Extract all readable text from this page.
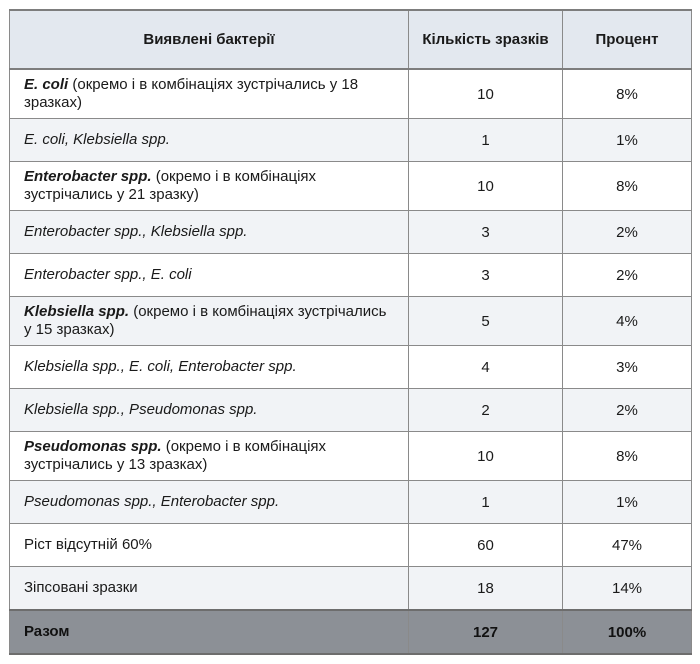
Виявлені бактерії	Кількість зразків	Процент
E. coli (окремо і в комбінаціях зустрічались у 18 зразках)	10	8%
E. coli, Klebsiella spp.	1	1%
Enterobacter spp. (окремо і в комбінаціях зустрічались у 21 зразку)	10	8%
Enterobacter spp., Klebsiella spp.	3	2%
Enterobacter spp., E. coli	3	2%
Klebsiella spp. (окремо і в комбінаціях зустрічались у 15 зразках)	5	4%
Klebsiella spp., E. coli, Enterobacter spp.	4	3%
Klebsiella spp., Pseudomonas spp.	2	2%
Pseudomonas spp. (окремо і в комбінаціях зустрічались у 13 зразках)	10	8%
Pseudomonas spp., Enterobacter spp.	1	1%
Ріст відсутній 60%	60	47%
Зіпсовані зразки	18	14%
Разом	127	100%
